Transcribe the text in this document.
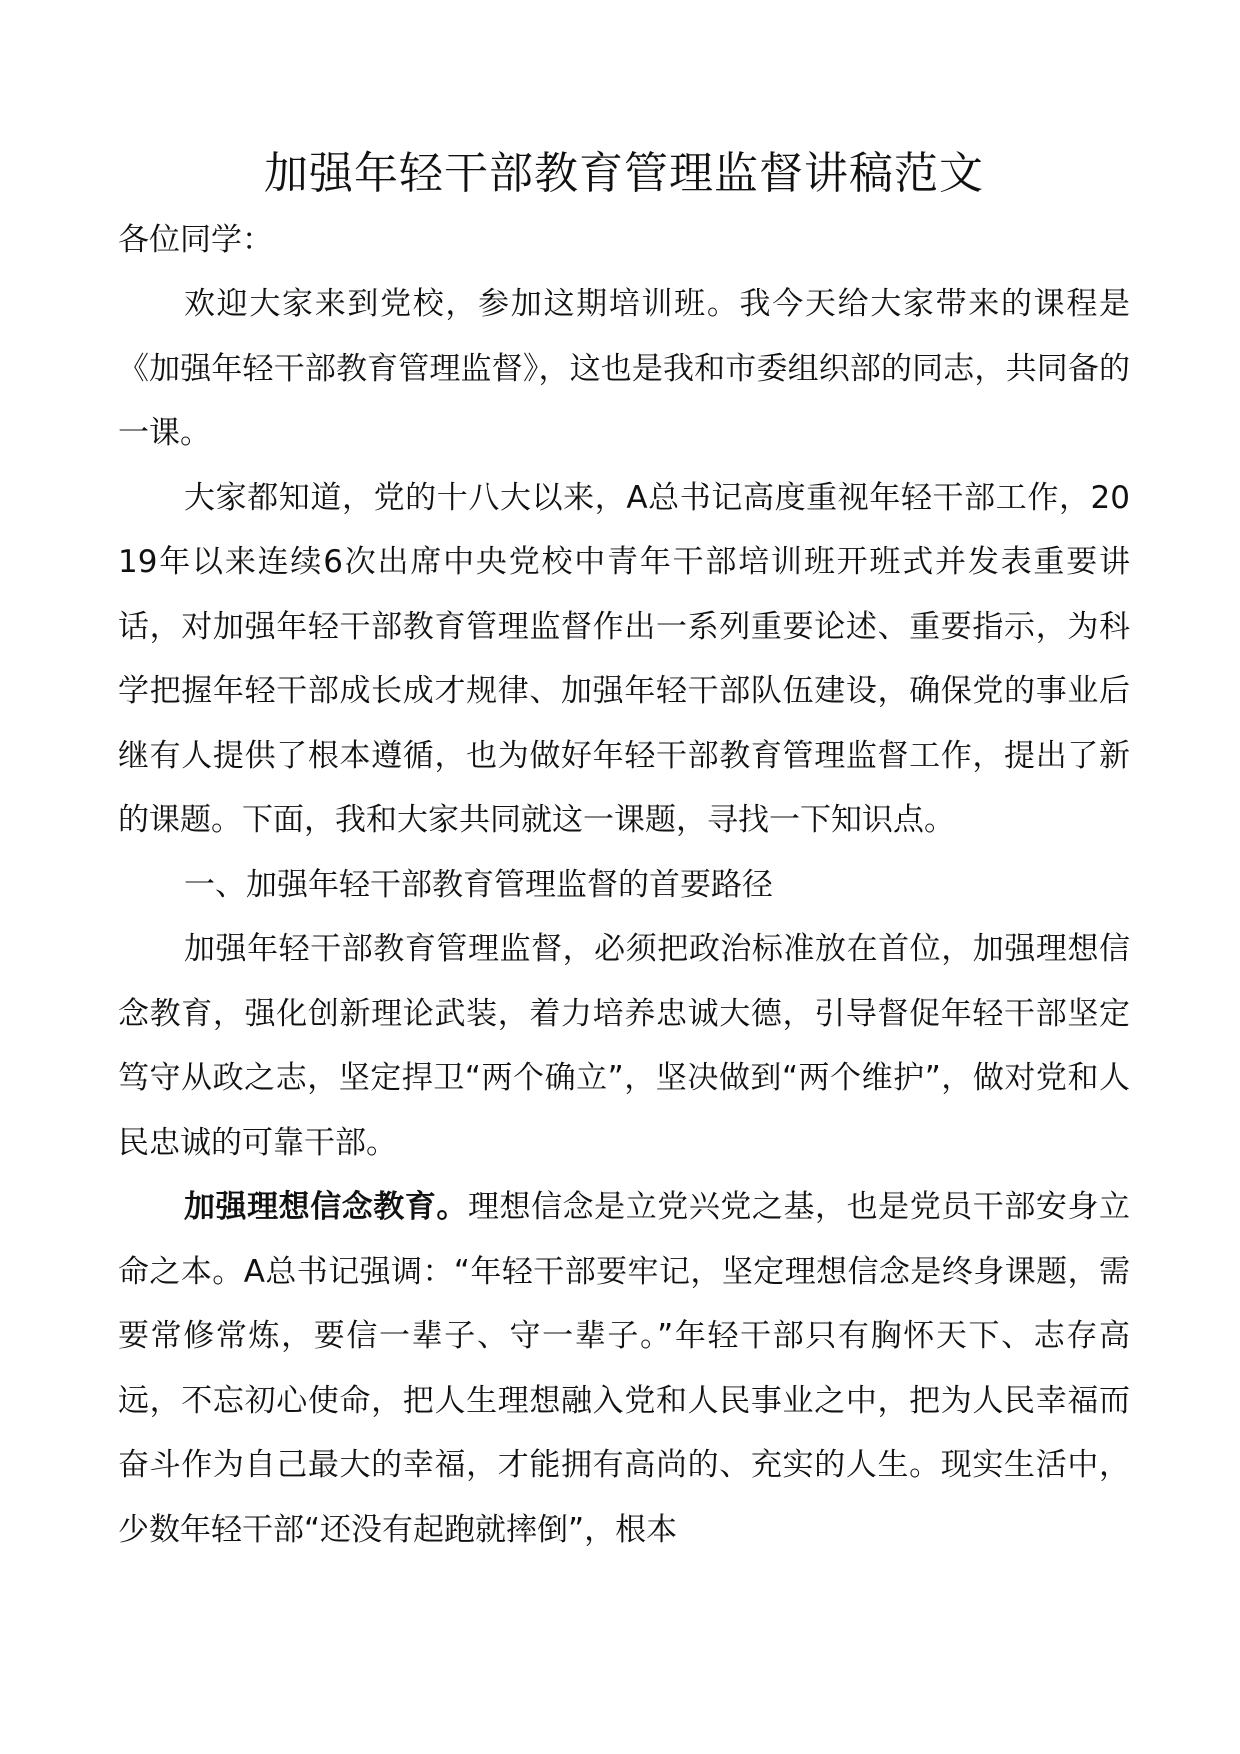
加强年轻干部教育管理监督讲稿范文

各位同学：

欢迎大家来到党校，参加这期培训班。我今天给大家带来的课程是《加强年轻干部教育管理监督》，这也是我和市委组织部的同志，共同备的一课。

大家都知道，党的十八大以来，A总书记高度重视年轻干部工作，2019年以来连续6次出席中央党校中青年干部培训班开班式并发表重要讲话，对加强年轻干部教育管理监督作出一系列重要论述、重要指示，为科学把握年轻干部成长成才规律、加强年轻干部队伍建设，确保党的事业后继有人提供了根本遵循，也为做好年轻干部教育管理监督工作，提出了新的课题。下面，我和大家共同就这一课题，寻找一下知识点。

一、加强年轻干部教育管理监督的首要路径

加强年轻干部教育管理监督，必须把政治标准放在首位，加强理想信念教育，强化创新理论武装，着力培养忠诚大德，引导督促年轻干部坚定笃守从政之志，坚定捍卫“两个确立”，坚决做到“两个维护”，做对党和人民忠诚的可靠干部。

加强理想信念教育。理想信念是立党兴党之基，也是党员干部安身立命之本。A总书记强调：“年轻干部要牢记，坚定理想信念是终身课题，需要常修常炼，要信一辈子、守一辈子。”年轻干部只有胸怀天下、志存高远，不忘初心使命，把人生理想融入党和人民事业之中，把为人民幸福而奋斗作为自己最大的幸福，才能拥有高尚的、充实的人生。现实生活中，少数年轻干部“还没有起跑就摔倒”，根本
